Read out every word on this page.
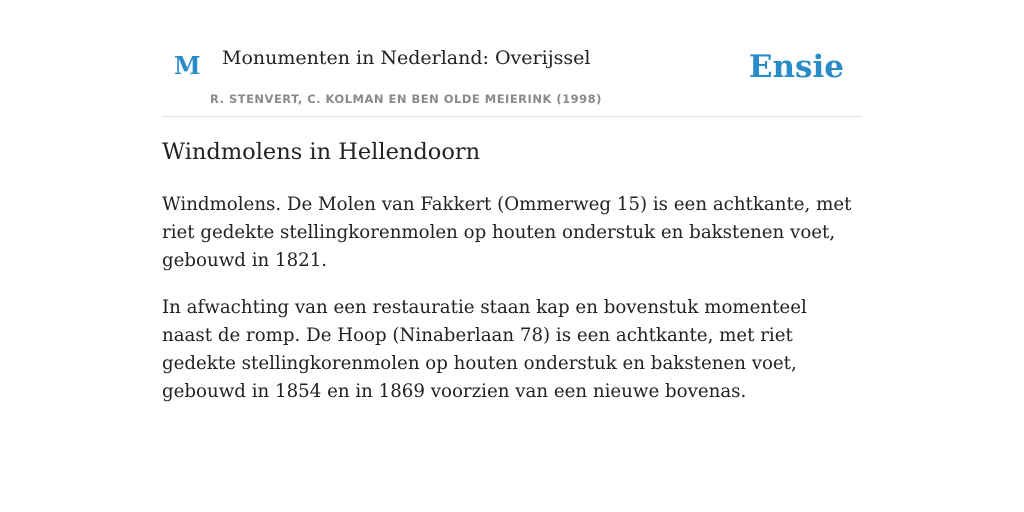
M Monumenten in Nederland: Overijssel
R. STENVERT, C. KOLMAN EN BEN OLDE MEIERINK (1998)
Ensie
Windmolens in Hellendoorn

Windmolens. De Molen van Fakkert (Ommerweg 15) is een achtkante, met riet gedekte stellingkorenmolen op houten onderstuk en bakstenen voet, gebouwd in 1821.

In afwachting van een restauratie staan kap en bovenstuk momenteel naast de romp. De Hoop (Ninaberlaan 78) is een achtkante, met riet gedekte stellingkorenmolen op houten onderstuk en bakstenen voet, gebouwd in 1854 en in 1869 voorzien van een nieuwe bovenas.
